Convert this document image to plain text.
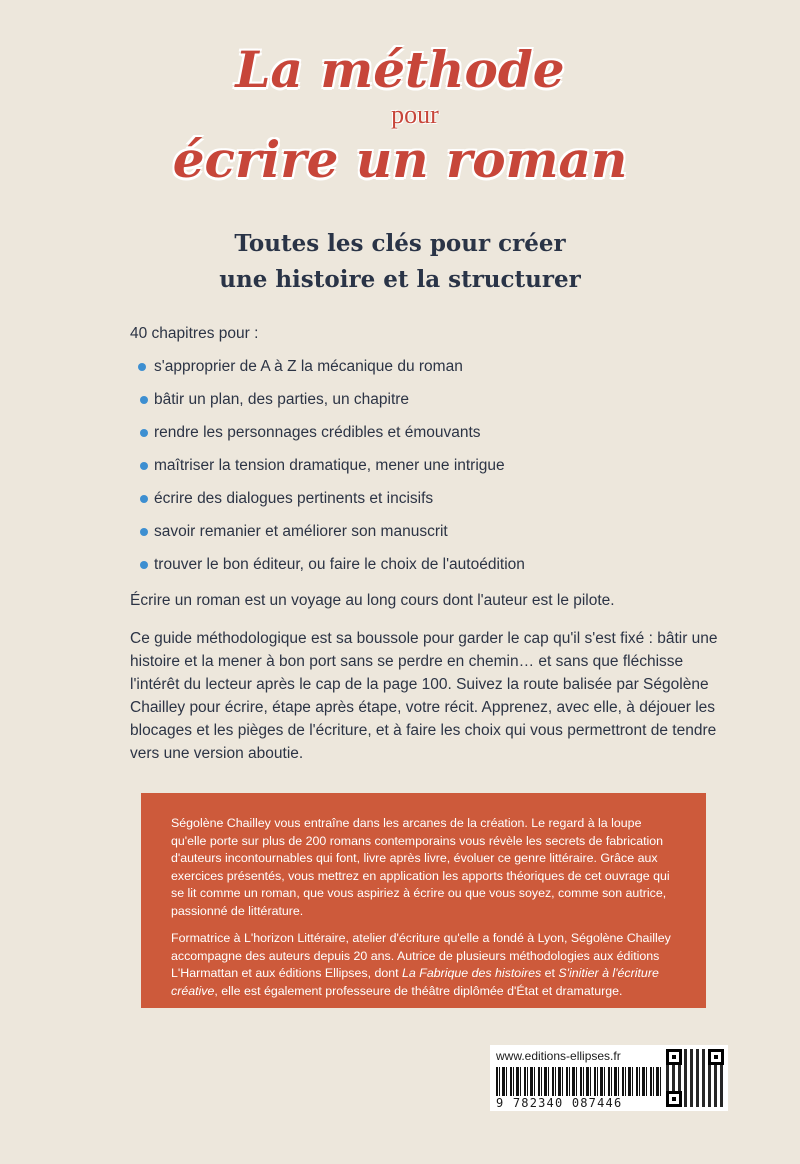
La méthode
pour
écrire un roman
Toutes les clés pour créer
une histoire et la structurer

40 chapitres pour :

s'approprier de A à Z la mécanique du roman
bâtir un plan, des parties, un chapitre
rendre les personnages crédibles et émouvants
maîtriser la tension dramatique, mener une intrigue
écrire des dialogues pertinents et incisifs
savoir remanier et améliorer son manuscrit
trouver le bon éditeur, ou faire le choix de l'autoédition

Écrire un roman est un voyage au long cours dont l'auteur est le pilote.

Ce guide méthodologique est sa boussole pour garder le cap qu'il s'est fixé : bâtir une histoire et la mener à bon port sans se perdre en chemin… et sans que fléchisse l'intérêt du lecteur après le cap de la page 100. Suivez la route balisée par Ségolène Chailley pour écrire, étape après étape, votre récit. Apprenez, avec elle, à déjouer les blocages et les pièges de l'écriture, et à faire les choix qui vous permettront de tendre vers une version aboutie.

Ségolène Chailley vous entraîne dans les arcanes de la création. Le regard à la loupe qu'elle porte sur plus de 200 romans contemporains vous révèle les secrets de fabrication d'auteurs incontournables qui font, livre après livre, évoluer ce genre littéraire. Grâce aux exercices présentés, vous mettrez en application les apports théoriques de cet ouvrage qui se lit comme un roman, que vous aspiriez à écrire ou que vous soyez, comme son autrice, passionné de littérature.

Formatrice à L'horizon Littéraire, atelier d'écriture qu'elle a fondé à Lyon, Ségolène Chailley accompagne des auteurs depuis 20 ans. Autrice de plusieurs méthodologies aux éditions L'Harmattan et aux éditions Ellipses, dont La Fabrique des histoires et S'initier à l'écriture créative, elle est également professeure de théâtre diplômée d'État et dramaturge.

www.editions-ellipses.fr
9 782340 087446
